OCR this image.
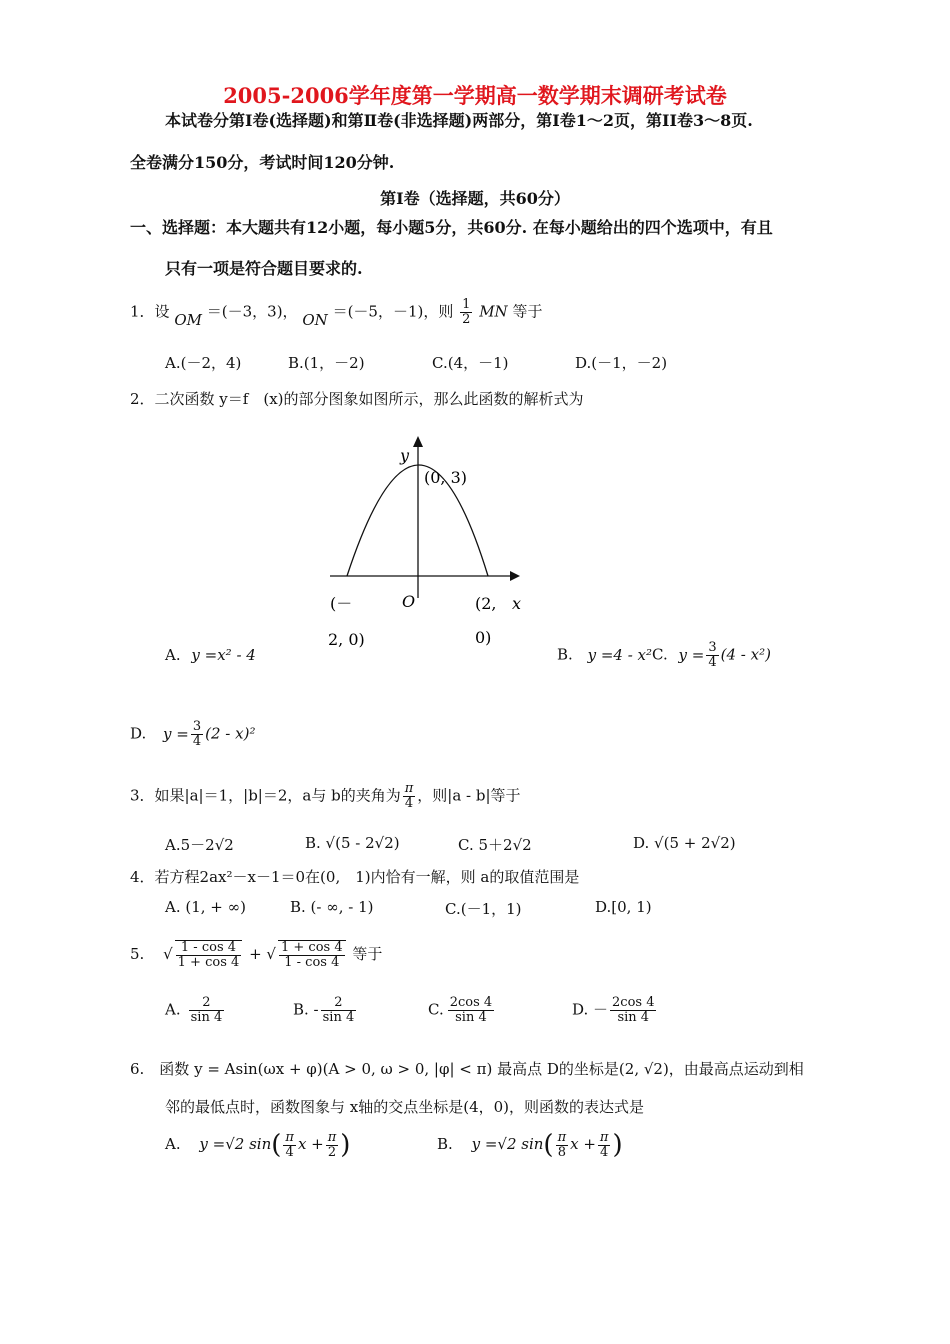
2005-2006学年度第一学期高一数学期末调研考试卷
本试卷分第Ⅰ卷(选择题)和第Ⅱ卷(非选择题)两部分，第Ⅰ卷1～2页，第II卷3～8页.
全卷满分150分，考试时间120分钟.
第Ⅰ卷（选择题，共60分）
一、选择题：本大题共有12小题，每小题5分，共60分. 在每小题给出的四个选项中，有且
只有一项是符合题目要求的.
1．设 OM ＝(－3，3)， ON ＝(－5，－1)，则 $\frac{1}{2}$ MN 等于
A.(－2，4)	B.(1，－2)	C.(4，－1)	D.(－1，－2)
2．二次函数 y＝f　(x)的部分图象如图所示，那么此函数的解析式为
y
(0, 3)
(－	O	(2, x
2, 0)	0)
A. y =x² - 4	B. y =4 - x²C. $y = \frac{3}{4} (4 - x^2)$
D. $y = \frac{3}{4} (2 - x)^2$
3．如果|a|＝1，|b|＝2，a与 b的夹角为 $\frac{\pi}{4}$ ，则|a - b|等于
A.5－2√2	B. √(5 - 2√2)	C. 5＋2√2	D. √(5 + 2√2)
4．若方程2ax²－x－1＝0在(0,　1)内恰有一解，则 a的取值范围是
A. (1, + ∞)	B. (- ∞, - 1)	C.(－1，1)	D.[0, 1)
5. √ $\frac{1 - \cos 4}{1 + \cos 4}$ + √ $\frac{1 + \cos 4}{1 - \cos 4}$ 等于
A. $\frac{2}{\sin 4}$	B. - $\frac{2}{\sin 4}$	C. $\frac{2\cos 4}{\sin 4}$	D. － $\frac{2\cos 4}{\sin 4}$
6.　函数 y = Asin(ωx + φ)(A > 0, ω > 0, |φ| < π) 最高点 D的坐标是(2, √2)，由最高点运动到相
邻的最低点时，函数图象与 x轴的交点坐标是(4，0)，则函数的表达式是
A. y =√2 $\sin( \frac{\pi}{4}$ $x + \frac{\pi}{2}$ )	B. y =√2 $\sin( \frac{\pi}{8}$ $x + \frac{\pi}{4}$ )
